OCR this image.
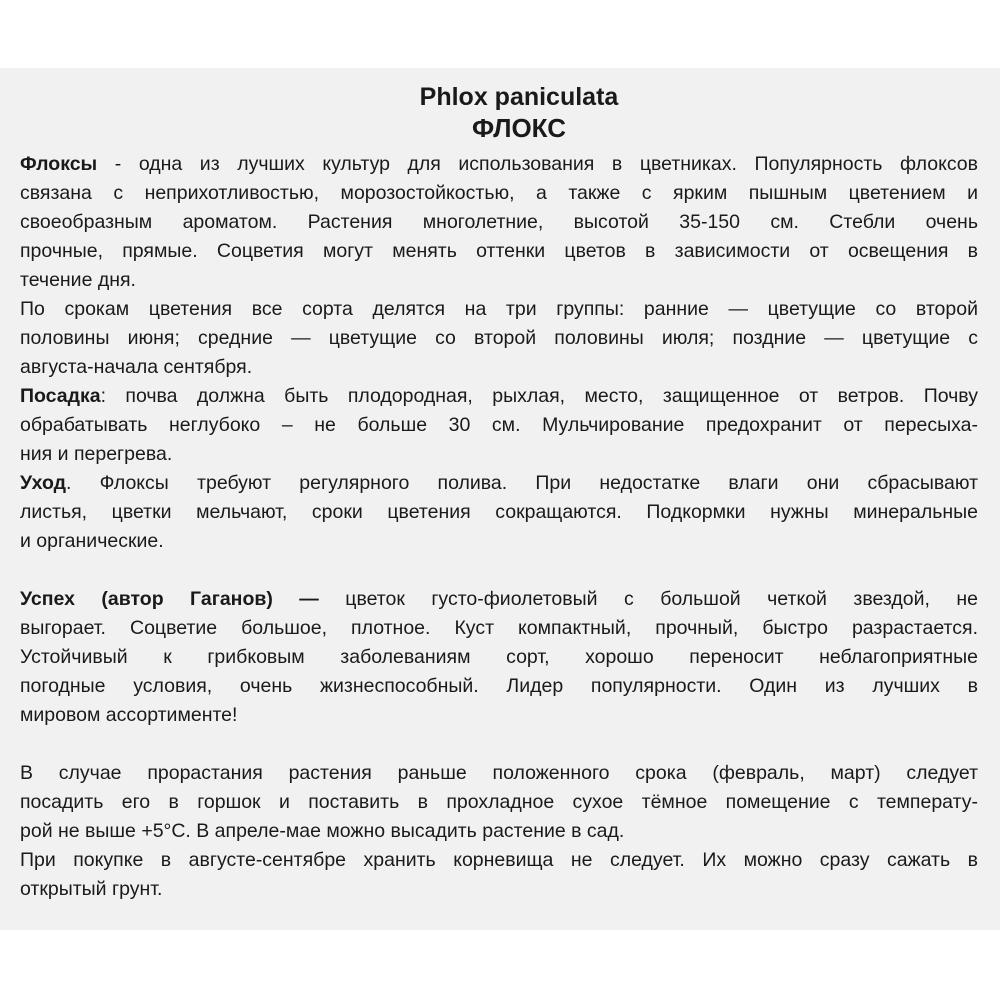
Phlox paniculata
ФЛОКС
Флоксы - одна из лучших культур для использования в цветниках. Популярность флоксов
связана с неприхотливостью, морозостойкостью, а также с ярким пышным цветением и
своеобразным ароматом. Растения многолетние, высотой 35-150 см. Стебли очень
прочные, прямые. Соцветия могут менять оттенки цветов в зависимости от освещения в
течение дня.
По срокам цветения все сорта делятся на три группы: ранние — цветущие со второй
половины июня; средние — цветущие со второй половины июля; поздние — цветущие с
августа-начала сентября.
Посадка: почва должна быть плодородная, рыхлая, место, защищенное от ветров. Почву
обрабатывать неглубоко – не больше 30 см. Мульчирование предохранит от пересыха-
ния и перегрева.
Уход. Флоксы требуют регулярного полива. При недостатке влаги они сбрасывают
листья, цветки мельчают, сроки цветения сокращаются. Подкормки нужны минеральные
и органические.
Успех (автор Гаганов) — цветок густо-фиолетовый с большой четкой звездой, не
выгорает. Соцветие большое, плотное. Куст компактный, прочный, быстро разрастается.
Устойчивый к грибковым заболеваниям сорт, хорошо переносит неблагоприятные
погодные условия, очень жизнеспособный. Лидер популярности. Один из лучших в
мировом ассортименте!
В случае прорастания растения раньше положенного срока (февраль, март) следует
посадить его в горшок и поставить в прохладное сухое тёмное помещение с температу-
рой не выше +5°С. В апреле-мае можно высадить растение в сад.
При покупке в августе-сентябре хранить корневища не следует. Их можно сразу сажать в
открытый грунт.
